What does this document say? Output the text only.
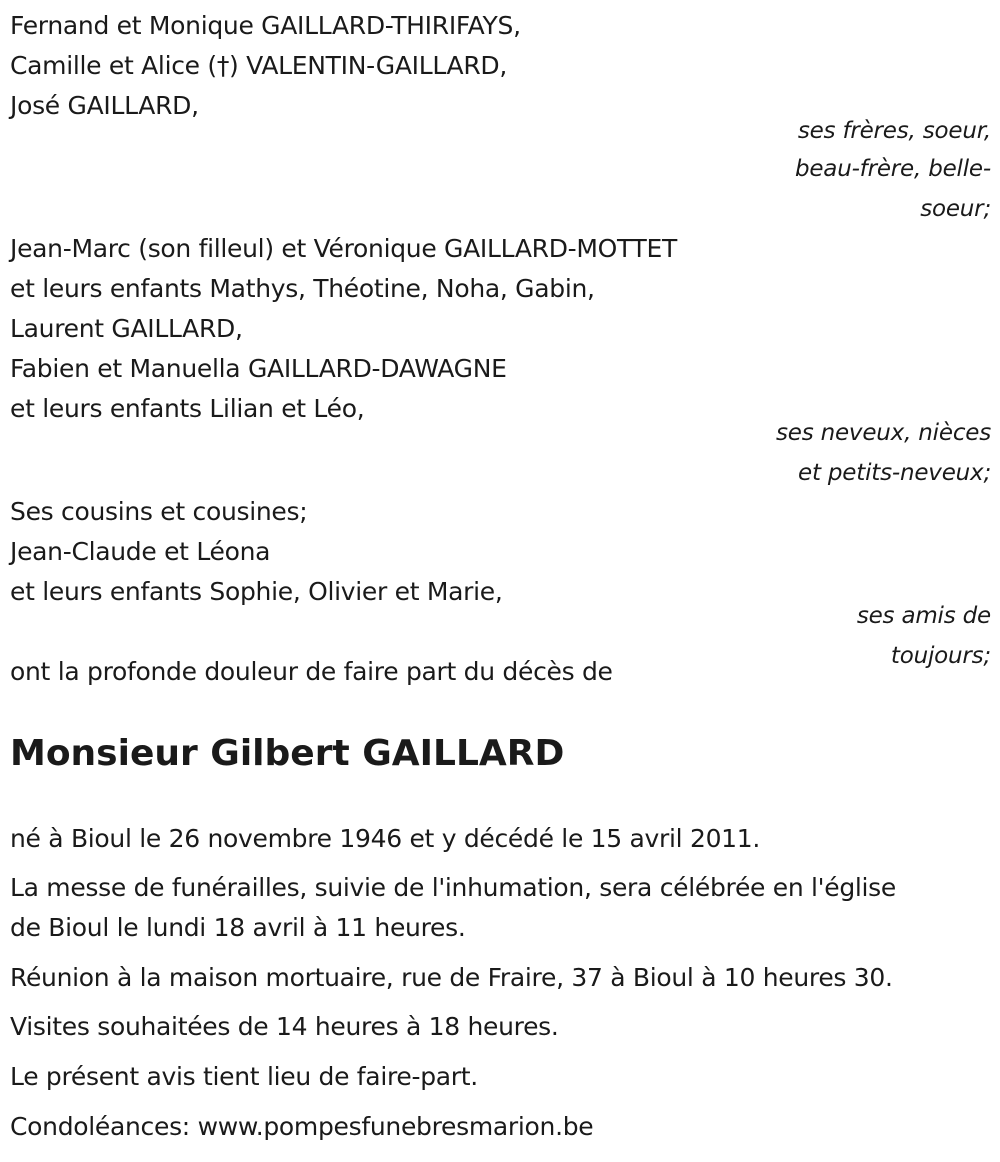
Fernand et Monique GAILLARD-THIRIFAYS,
Camille et Alice (†) VALENTIN-GAILLARD,
José GAILLARD,
ses frères, soeur,
beau-frère, belle-
soeur;
Jean-Marc (son filleul) et Véronique GAILLARD-MOTTET
et leurs enfants Mathys, Théotine, Noha, Gabin,
Laurent GAILLARD,
Fabien et Manuella GAILLARD-DAWAGNE
et leurs enfants Lilian et Léo,
ses neveux, nièces
et petits-neveux;
Ses cousins et cousines;
Jean-Claude et Léona
et leurs enfants Sophie, Olivier et Marie,
ses amis de
toujours;
ont la profonde douleur de faire part du décès de
Monsieur Gilbert GAILLARD
né à Bioul le 26 novembre 1946 et y décédé le 15 avril 2011.
La messe de funérailles, suivie de l'inhumation, sera célébrée en l'église
de Bioul le lundi 18 avril à 11 heures.
Réunion à la maison mortuaire, rue de Fraire, 37 à Bioul à 10 heures 30.
Visites souhaitées de 14 heures à 18 heures.
Le présent avis tient lieu de faire-part.
Condoléances: www.pompesfunebresmarion.be
